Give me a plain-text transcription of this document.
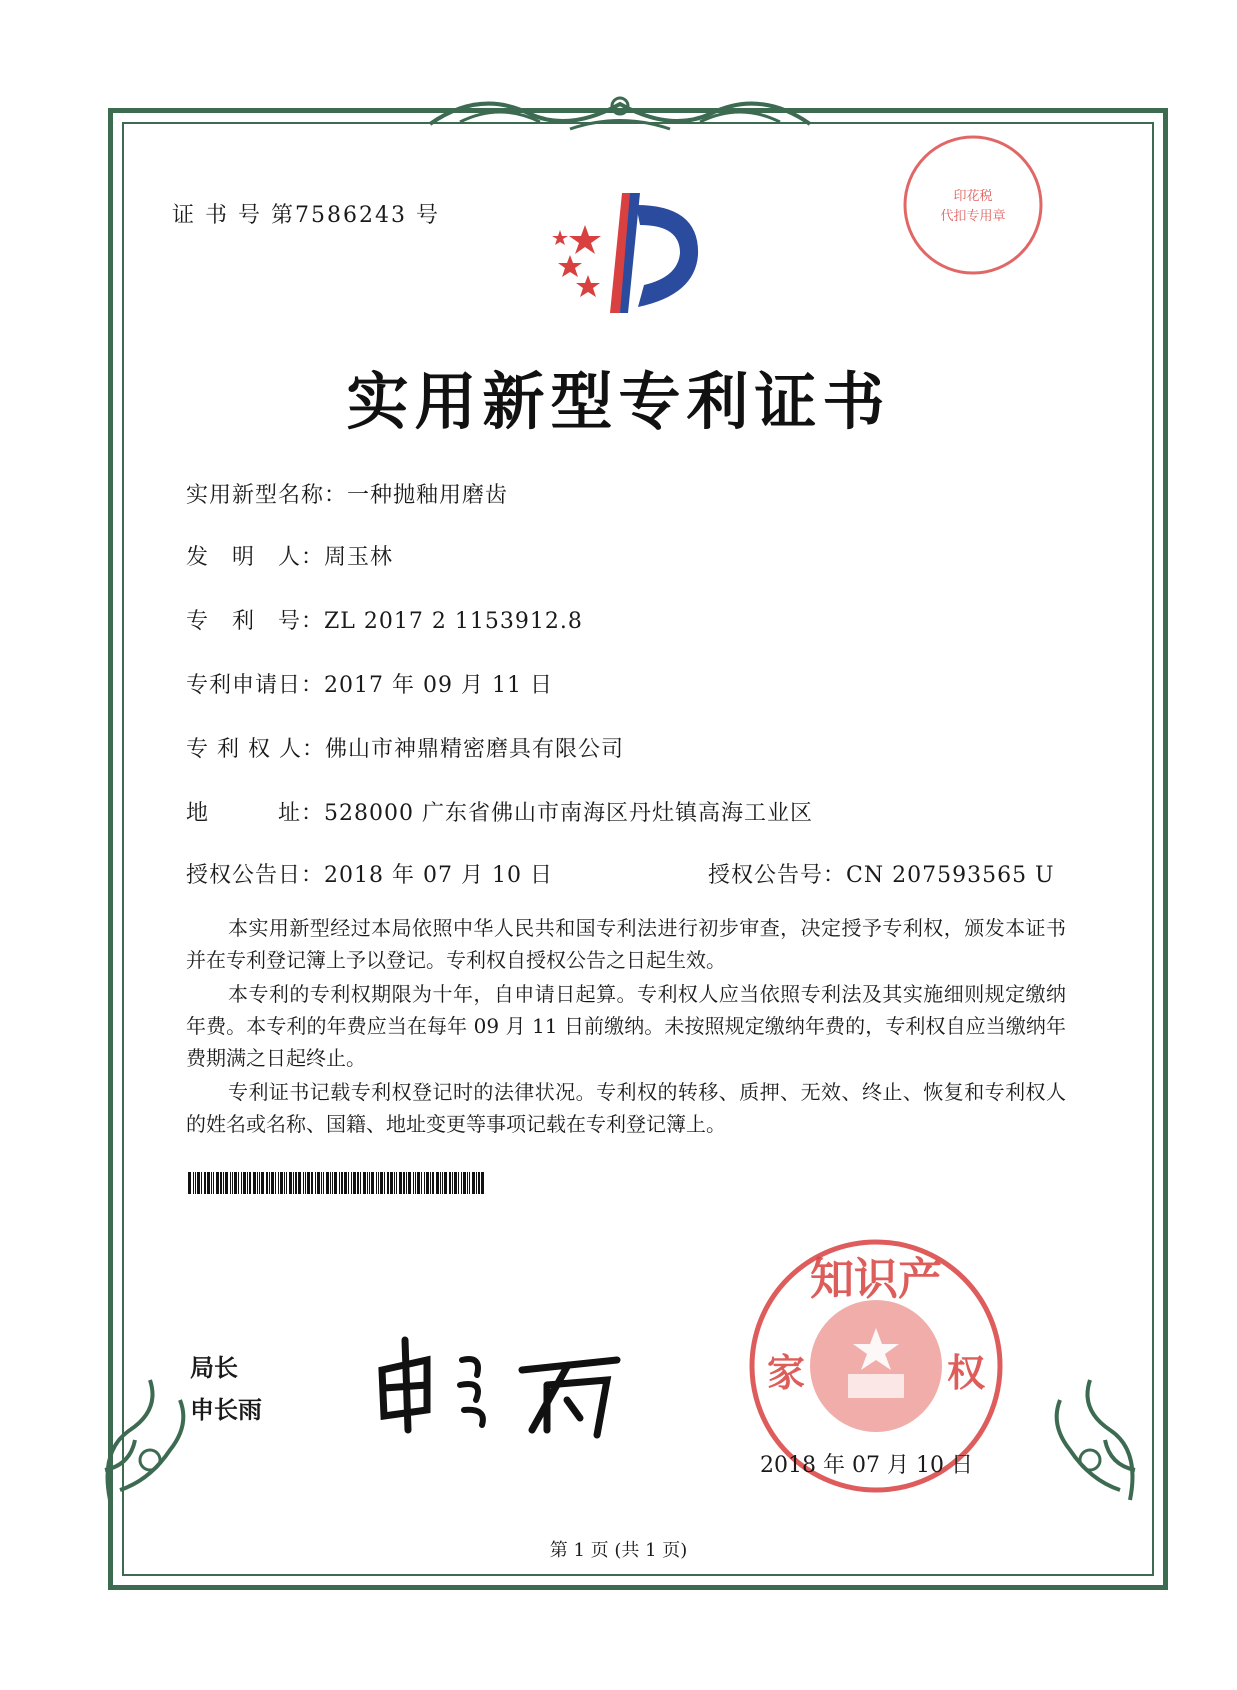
证 书 号 第7586243 号
印花税
代扣专用章
实用新型专利证书
实用新型名称：一种抛釉用磨齿
发　明　人：周玉林
专　利　号：ZL 2017 2 1153912.8
专利申请日：2017 年 09 月 11 日
专 利 权 人：佛山市神鼎精密磨具有限公司
地　　　址：528000 广东省佛山市南海区丹灶镇高海工业区
授权公告日：2018 年 07 月 10 日	授权公告号：CN 207593565 U

本实用新型经过本局依照中华人民共和国专利法进行初步审查，决定授予专利权，颁发本证书并在专利登记簿上予以登记。专利权自授权公告之日起生效。

本专利的专利权期限为十年，自申请日起算。专利权人应当依照专利法及其实施细则规定缴纳年费。本专利的年费应当在每年 09 月 11 日前缴纳。未按照规定缴纳年费的，专利权自应当缴纳年费期满之日起终止。

专利证书记载专利权登记时的法律状况。专利权的转移、质押、无效、终止、恢复和专利权人的姓名或名称、国籍、地址变更等事项记载在专利登记簿上。

局长
申长雨
知识产
家	权
2018 年 07 月 10 日
第 1 页 (共 1 页)
